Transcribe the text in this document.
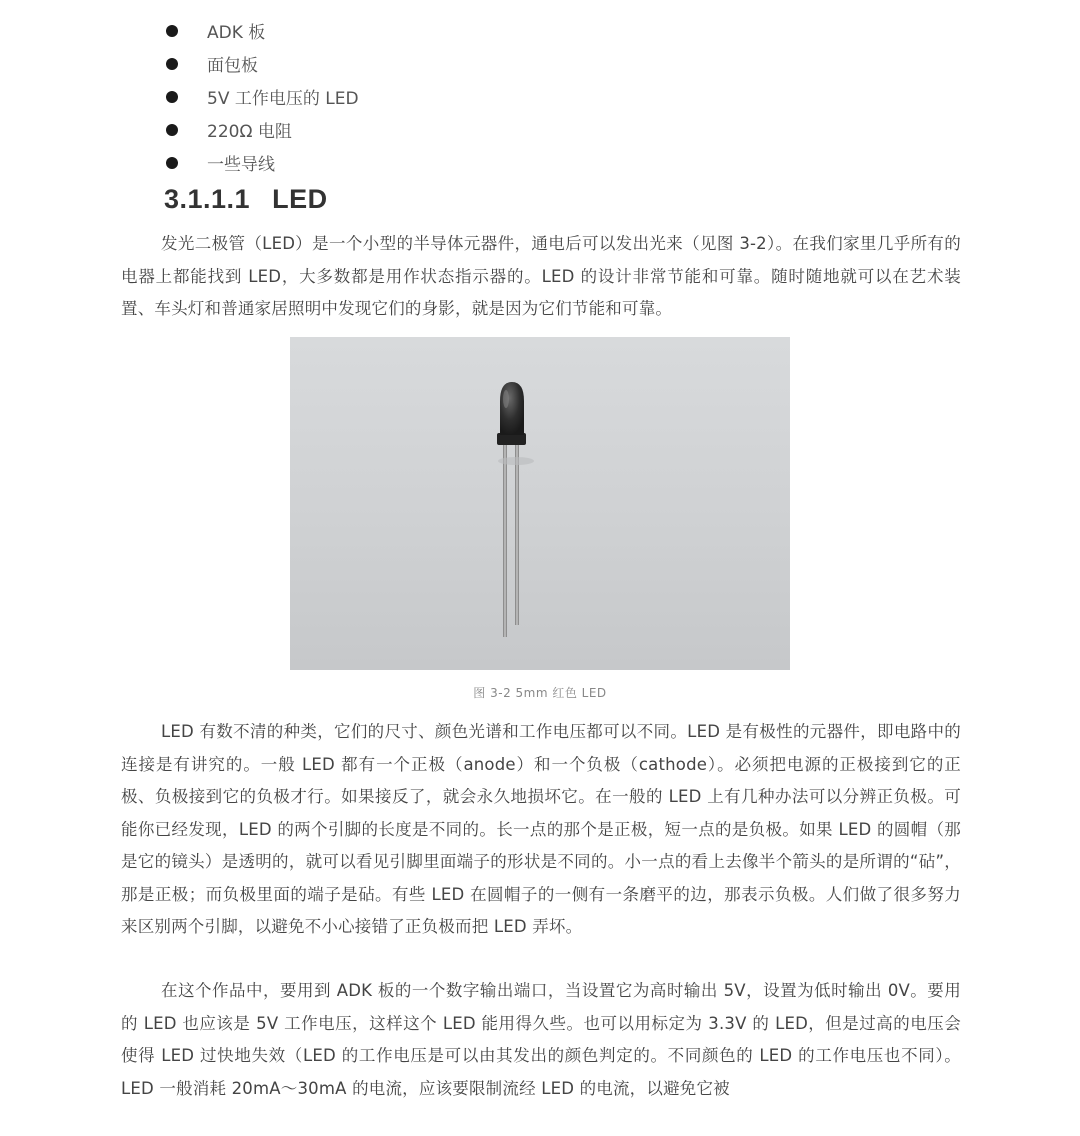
ADK 板
面包板
5V 工作电压的 LED
220Ω 电阻
一些导线
3.1.1.1 LED

发光二极管（LED）是一个小型的半导体元器件，通电后可以发出光来（见图 3-2）。在我们家里几乎所有的电器上都能找到 LED，大多数都是用作状态指示器的。LED 的设计非常节能和可靠。随时随地就可以在艺术装置、车头灯和普通家居照明中发现它们的身影，就是因为它们节能和可靠。

图 3-2 5mm 红色 LED

LED 有数不清的种类，它们的尺寸、颜色光谱和工作电压都可以不同。LED 是有极性的元器件，即电路中的连接是有讲究的。一般 LED 都有一个正极（anode）和一个负极（cathode）。必须把电源的正极接到它的正极、负极接到它的负极才行。如果接反了，就会永久地损坏它。在一般的 LED 上有几种办法可以分辨正负极。可能你已经发现，LED 的两个引脚的长度是不同的。长一点的那个是正极，短一点的是负极。如果 LED 的圆帽（那是它的镜头）是透明的，就可以看见引脚里面端子的形状是不同的。小一点的看上去像半个箭头的是所谓的“砧”，那是正极；而负极里面的端子是砧。有些 LED 在圆帽子的一侧有一条磨平的边，那表示负极。人们做了很多努力来区别两个引脚，以避免不小心接错了正负极而把 LED 弄坏。

在这个作品中，要用到 ADK 板的一个数字输出端口，当设置它为高时输出 5V，设置为低时输出 0V。要用的 LED 也应该是 5V 工作电压，这样这个 LED 能用得久些。也可以用标定为 3.3V 的 LED，但是过高的电压会使得 LED 过快地失效（LED 的工作电压是可以由其发出的颜色判定的。不同颜色的 LED 的工作电压也不同）。LED 一般消耗 20mA～30mA 的电流，应该要限制流经 LED 的电流，以避免它被
